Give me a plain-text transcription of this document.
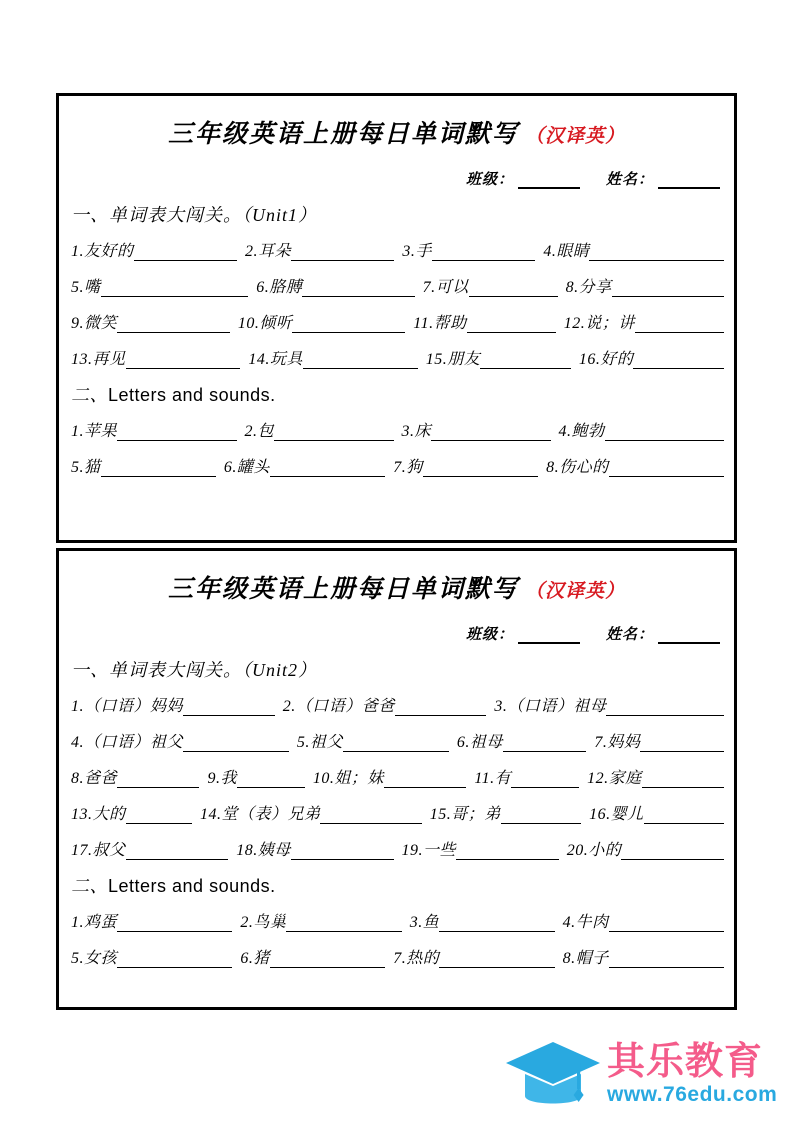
三年级英语上册每日单词默写 （汉译英）
班级：	姓名：
一、单词表大闯关。（Unit1）
1.友好的	2.耳朵	3.手	4.眼睛
5.嘴	6.胳膊	7.可以	8.分享
9.微笑	10.倾听	11.帮助	12.说；讲
13.再见	14.玩具	15.朋友	16.好的
二、Letters and sounds.
1.苹果	2.包	3.床	4.鲍勃
5.猫	6.罐头	7.狗	8.伤心的
三年级英语上册每日单词默写 （汉译英）
班级：	姓名：
一、单词表大闯关。（Unit2）
1.（口语）妈妈	2.（口语）爸爸	3.（口语）祖母
4.（口语）祖父	5.祖父	6.祖母	7.妈妈
8.爸爸	9.我	10.姐；妹	11.有	12.家庭
13.大的	14.堂（表）兄弟	15.哥；弟	16.婴儿
17.叔父	18.姨母	19.一些	20.小的
二、Letters and sounds.
1.鸡蛋	2.鸟巢	3.鱼	4.牛肉
5.女孩	6.猪	7.热的	8.帽子
其乐教育
www.76edu.com
